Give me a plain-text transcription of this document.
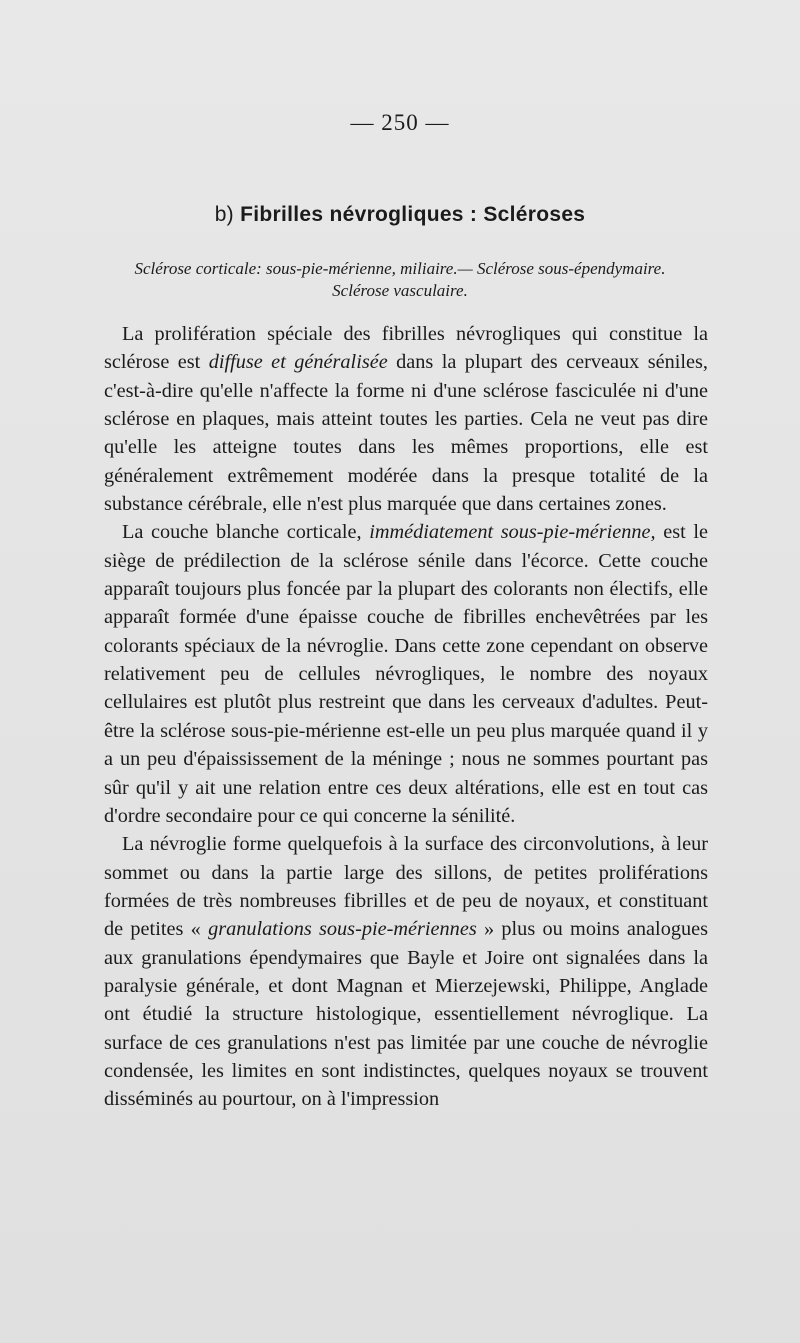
— 250 —
b) Fibrilles névrogliques : Scléroses
Sclérose corticale: sous-pie-mérienne, miliaire.— Sclérose sous-épendymaire.
Sclérose vasculaire.

La prolifération spéciale des fibrilles névrogliques qui constitue la sclérose est diffuse et généralisée dans la plupart des cerveaux séniles, c'est-à-dire qu'elle n'affecte la forme ni d'une sclérose fasciculée ni d'une sclérose en plaques, mais atteint toutes les parties. Cela ne veut pas dire qu'elle les atteigne toutes dans les mêmes proportions, elle est généralement extrêmement modérée dans la presque totalité de la substance cérébrale, elle n'est plus marquée que dans certaines zones.

La couche blanche corticale, immédiatement sous-pie-mérienne, est le siège de prédilection de la sclérose sénile dans l'écorce. Cette couche apparaît toujours plus foncée par la plupart des colorants non électifs, elle apparaît formée d'une épaisse couche de fibrilles enchevêtrées par les colorants spéciaux de la névroglie. Dans cette zone cependant on observe relativement peu de cellules névrogliques, le nombre des noyaux cellulaires est plutôt plus restreint que dans les cerveaux d'adultes. Peut-être la sclérose sous-pie-mérienne est-elle un peu plus marquée quand il y a un peu d'épaississement de la méninge ; nous ne sommes pourtant pas sûr qu'il y ait une relation entre ces deux altérations, elle est en tout cas d'ordre secondaire pour ce qui concerne la sénilité.

La névroglie forme quelquefois à la surface des circonvolutions, à leur sommet ou dans la partie large des sillons, de petites proliférations formées de très nombreuses fibrilles et de peu de noyaux, et constituant de petites « granulations sous-pie-mériennes » plus ou moins analogues aux granulations épendymaires que Bayle et Joire ont signalées dans la paralysie générale, et dont Magnan et Mierzejewski, Philippe, Anglade ont étudié la structure histologique, essentiellement névroglique. La surface de ces granulations n'est pas limitée par une couche de névroglie condensée, les limites en sont indistinctes, quelques noyaux se trouvent disséminés au pourtour, on à l'impression
